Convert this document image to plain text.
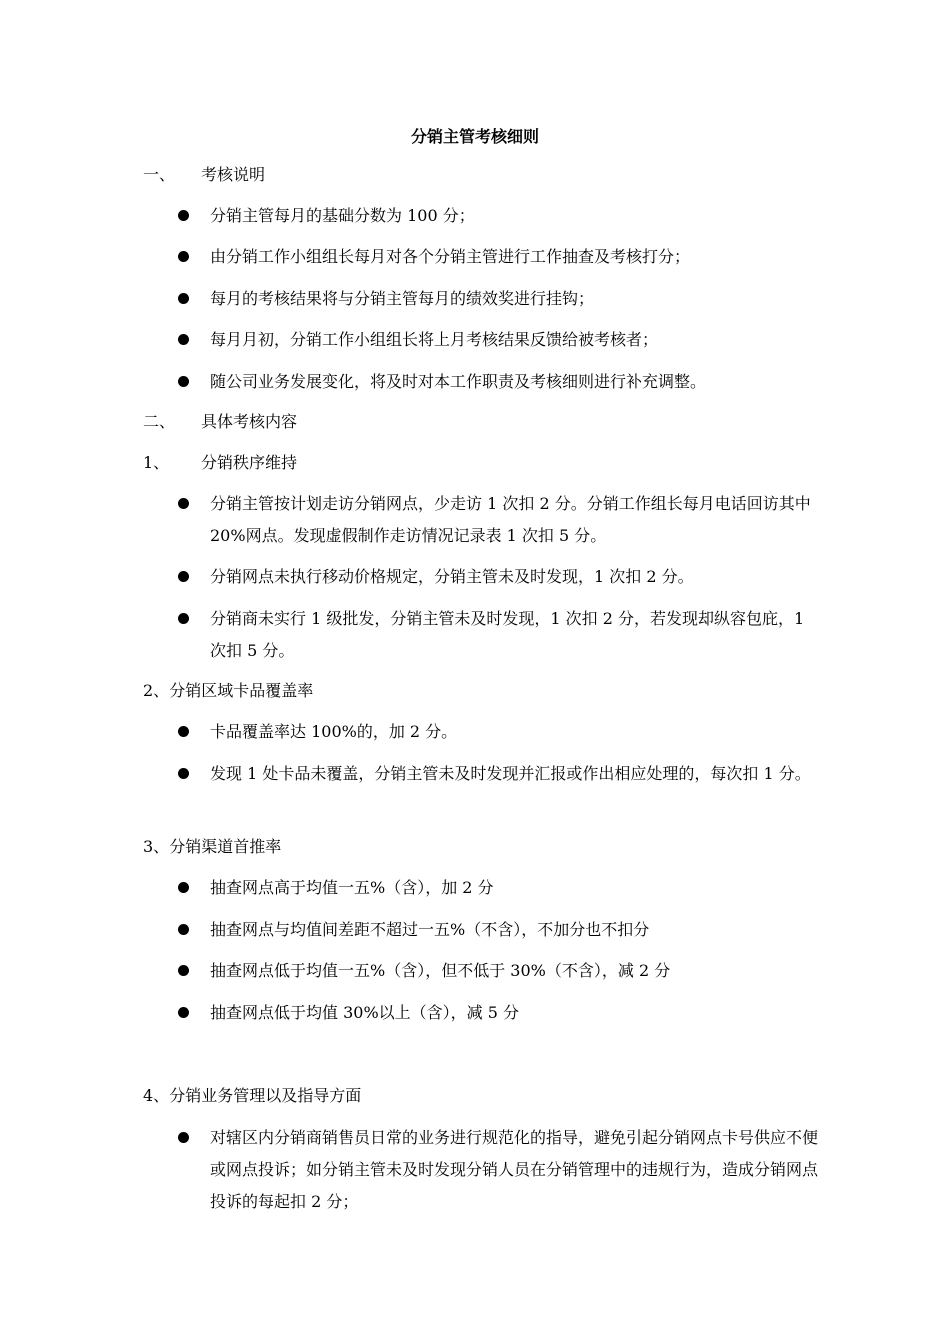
分销主管考核细则
一、 考核说明
分销主管每月的基础分数为 100 分；
由分销工作小组组长每月对各个分销主管进行工作抽查及考核打分；
每月的考核结果将与分销主管每月的绩效奖进行挂钩；
每月月初，分销工作小组组长将上月考核结果反馈给被考核者；
随公司业务发展变化，将及时对本工作职责及考核细则进行补充调整。
二、 具体考核内容
1、 分销秩序维持
分销主管按计划走访分销网点，少走访 1 次扣 2 分。分销工作组长每月电话回访其中 20%网点。发现虚假制作走访情况记录表 1 次扣 5 分。
分销网点未执行移动价格规定，分销主管未及时发现，1 次扣 2 分。
分销商未实行 1 级批发，分销主管未及时发现，1 次扣 2 分，若发现却纵容包庇，1 次扣 5 分。
2、分销区域卡品覆盖率
卡品覆盖率达 100%的，加 2 分。
发现 1 处卡品未覆盖，分销主管未及时发现并汇报或作出相应处理的，每次扣 1 分。
3、分销渠道首推率
抽查网点高于均值一五%（含），加 2 分
抽查网点与均值间差距不超过一五%（不含），不加分也不扣分
抽查网点低于均值一五%（含），但不低于 30%（不含），减 2 分
抽查网点低于均值 30%以上（含），减 5 分
4、分销业务管理以及指导方面
对辖区内分销商销售员日常的业务进行规范化的指导，避免引起分销网点卡号供应不便或网点投诉；如分销主管未及时发现分销人员在分销管理中的违规行为，造成分销网点投诉的每起扣 2 分；
